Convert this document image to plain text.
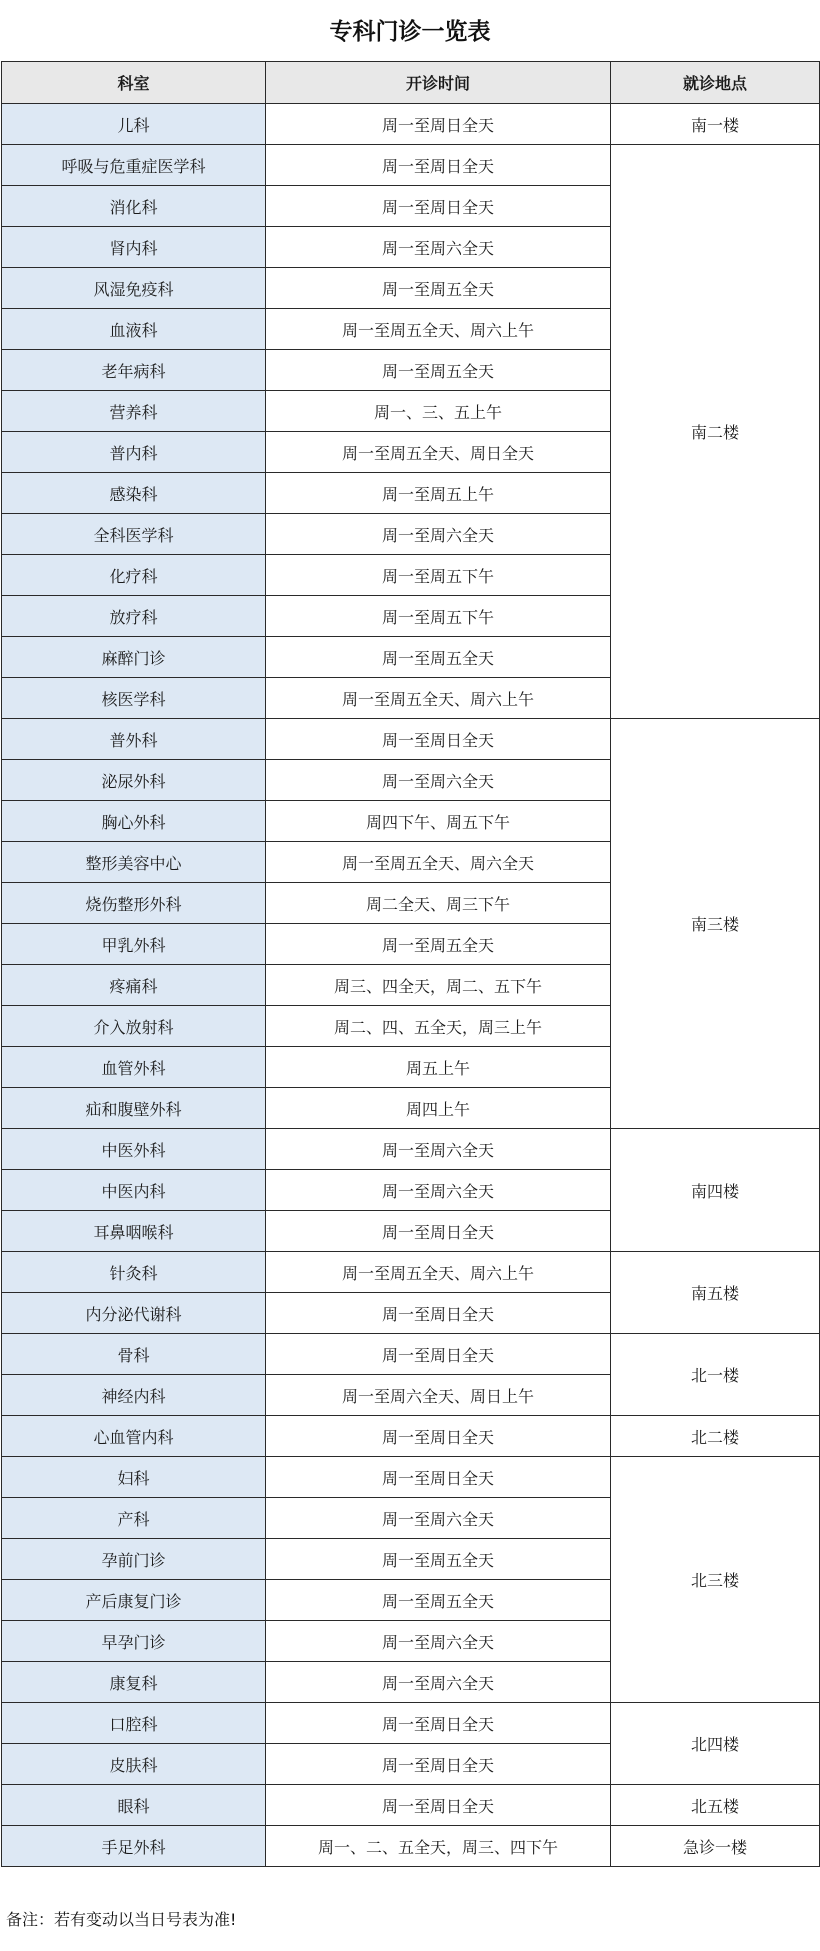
专科门诊一览表
科室	开诊时间	就诊地点
儿科	周一至周日全天	南一楼
呼吸与危重症医学科	周一至周日全天	南二楼
消化科	周一至周日全天	
肾内科	周一至周六全天	
风湿免疫科	周一至周五全天	
血液科	周一至周五全天、周六上午	
老年病科	周一至周五全天	
营养科	周一、三、五上午	
普内科	周一至周五全天、周日全天	
感染科	周一至周五上午	
全科医学科	周一至周六全天	
化疗科	周一至周五下午	
放疗科	周一至周五下午	
麻醉门诊	周一至周五全天	
核医学科	周一至周五全天、周六上午	
普外科	周一至周日全天	南三楼
泌尿外科	周一至周六全天	
胸心外科	周四下午、周五下午	
整形美容中心	周一至周五全天、周六全天	
烧伤整形外科	周二全天、周三下午	
甲乳外科	周一至周五全天	
疼痛科	周三、四全天，周二、五下午	
介入放射科	周二、四、五全天，周三上午	
血管外科	周五上午	
疝和腹壁外科	周四上午	
中医外科	周一至周六全天	南四楼
中医内科	周一至周六全天	
耳鼻咽喉科	周一至周日全天	
针灸科	周一至周五全天、周六上午	南五楼
内分泌代谢科	周一至周日全天	
骨科	周一至周日全天	北一楼
神经内科	周一至周六全天、周日上午	
心血管内科	周一至周日全天	北二楼
妇科	周一至周日全天	北三楼
产科	周一至周六全天	
孕前门诊	周一至周五全天	
产后康复门诊	周一至周五全天	
早孕门诊	周一至周六全天	
康复科	周一至周六全天	
口腔科	周一至周日全天	北四楼
皮肤科	周一至周日全天	
眼科	周一至周日全天	北五楼
手足外科	周一、二、五全天，周三、四下午	急诊一楼
备注：若有变动以当日号表为准!
